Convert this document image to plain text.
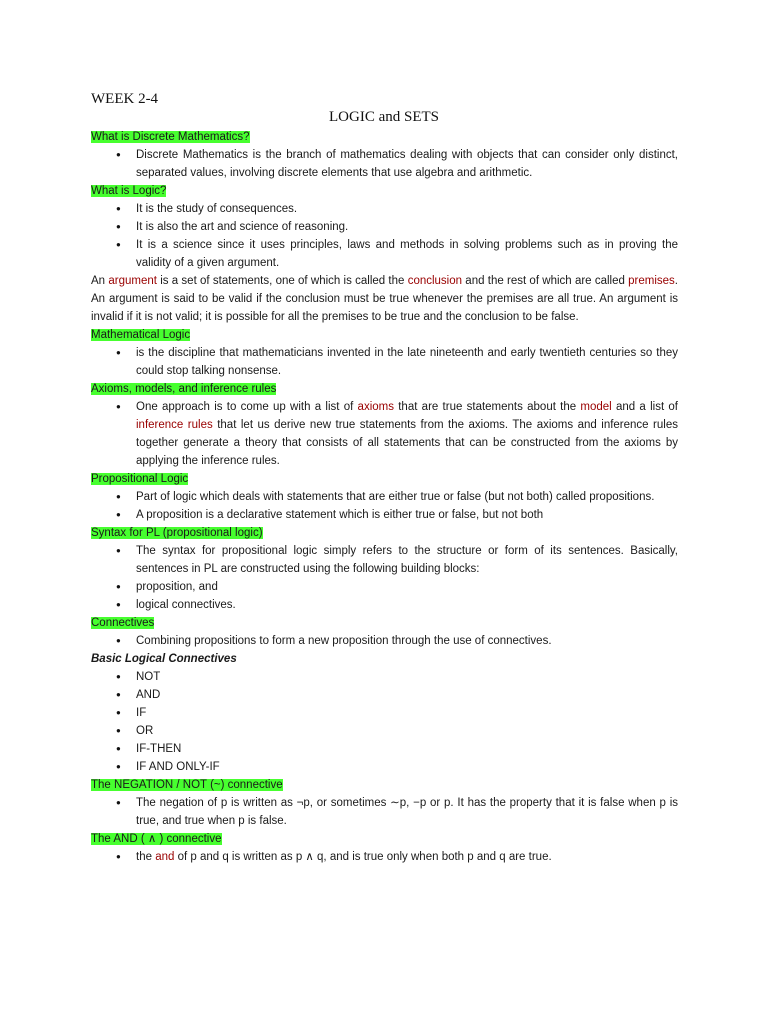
WEEK 2-4
LOGIC and SETS
What is Discrete Mathematics?
● Discrete Mathematics is the branch of mathematics dealing with objects that can consider only distinct, separated values, involving discrete elements that use algebra and arithmetic.
What is Logic?
● It is the study of consequences.
● It is also the art and science of reasoning.
● It is a science since it uses principles, laws and methods in solving problems such as in proving the validity of a given argument.

An argument is a set of statements, one of which is called the conclusion and the rest of which are called premises. An argument is said to be valid if the conclusion must be true whenever the premises are all true. An argument is invalid if it is not valid; it is possible for all the premises to be true and the conclusion to be false.

Mathematical Logic
● is the discipline that mathematicians invented in the late nineteenth and early twentieth centuries so they could stop talking nonsense.
Axioms, models, and inference rules
● One approach is to come up with a list of axioms that are true statements about the model and a list of inference rules that let us derive new true statements from the axioms. The axioms and inference rules together generate a theory that consists of all statements that can be constructed from the axioms by applying the inference rules.
Propositional Logic
● Part of logic which deals with statements that are either true or false (but not both) called propositions.
● A proposition is a declarative statement which is either true or false, but not both
Syntax for PL (propositional logic)
● The syntax for propositional logic simply refers to the structure or form of its sentences. Basically, sentences in PL are constructed using the following building blocks:
● proposition, and
● logical connectives.
Connectives
● Combining propositions to form a new proposition through the use of connectives.
Basic Logical Connectives
● NOT
● AND
● IF
● OR
● IF-THEN
● IF AND ONLY-IF
The NEGATION / NOT (~) connective
● The negation of p is written as ¬p, or sometimes ∼p, −p or p. It has the property that it is false when p is true, and true when p is false.
The AND ( ∧ ) connective
● the and of p and q is written as p ∧ q, and is true only when both p and q are true.
